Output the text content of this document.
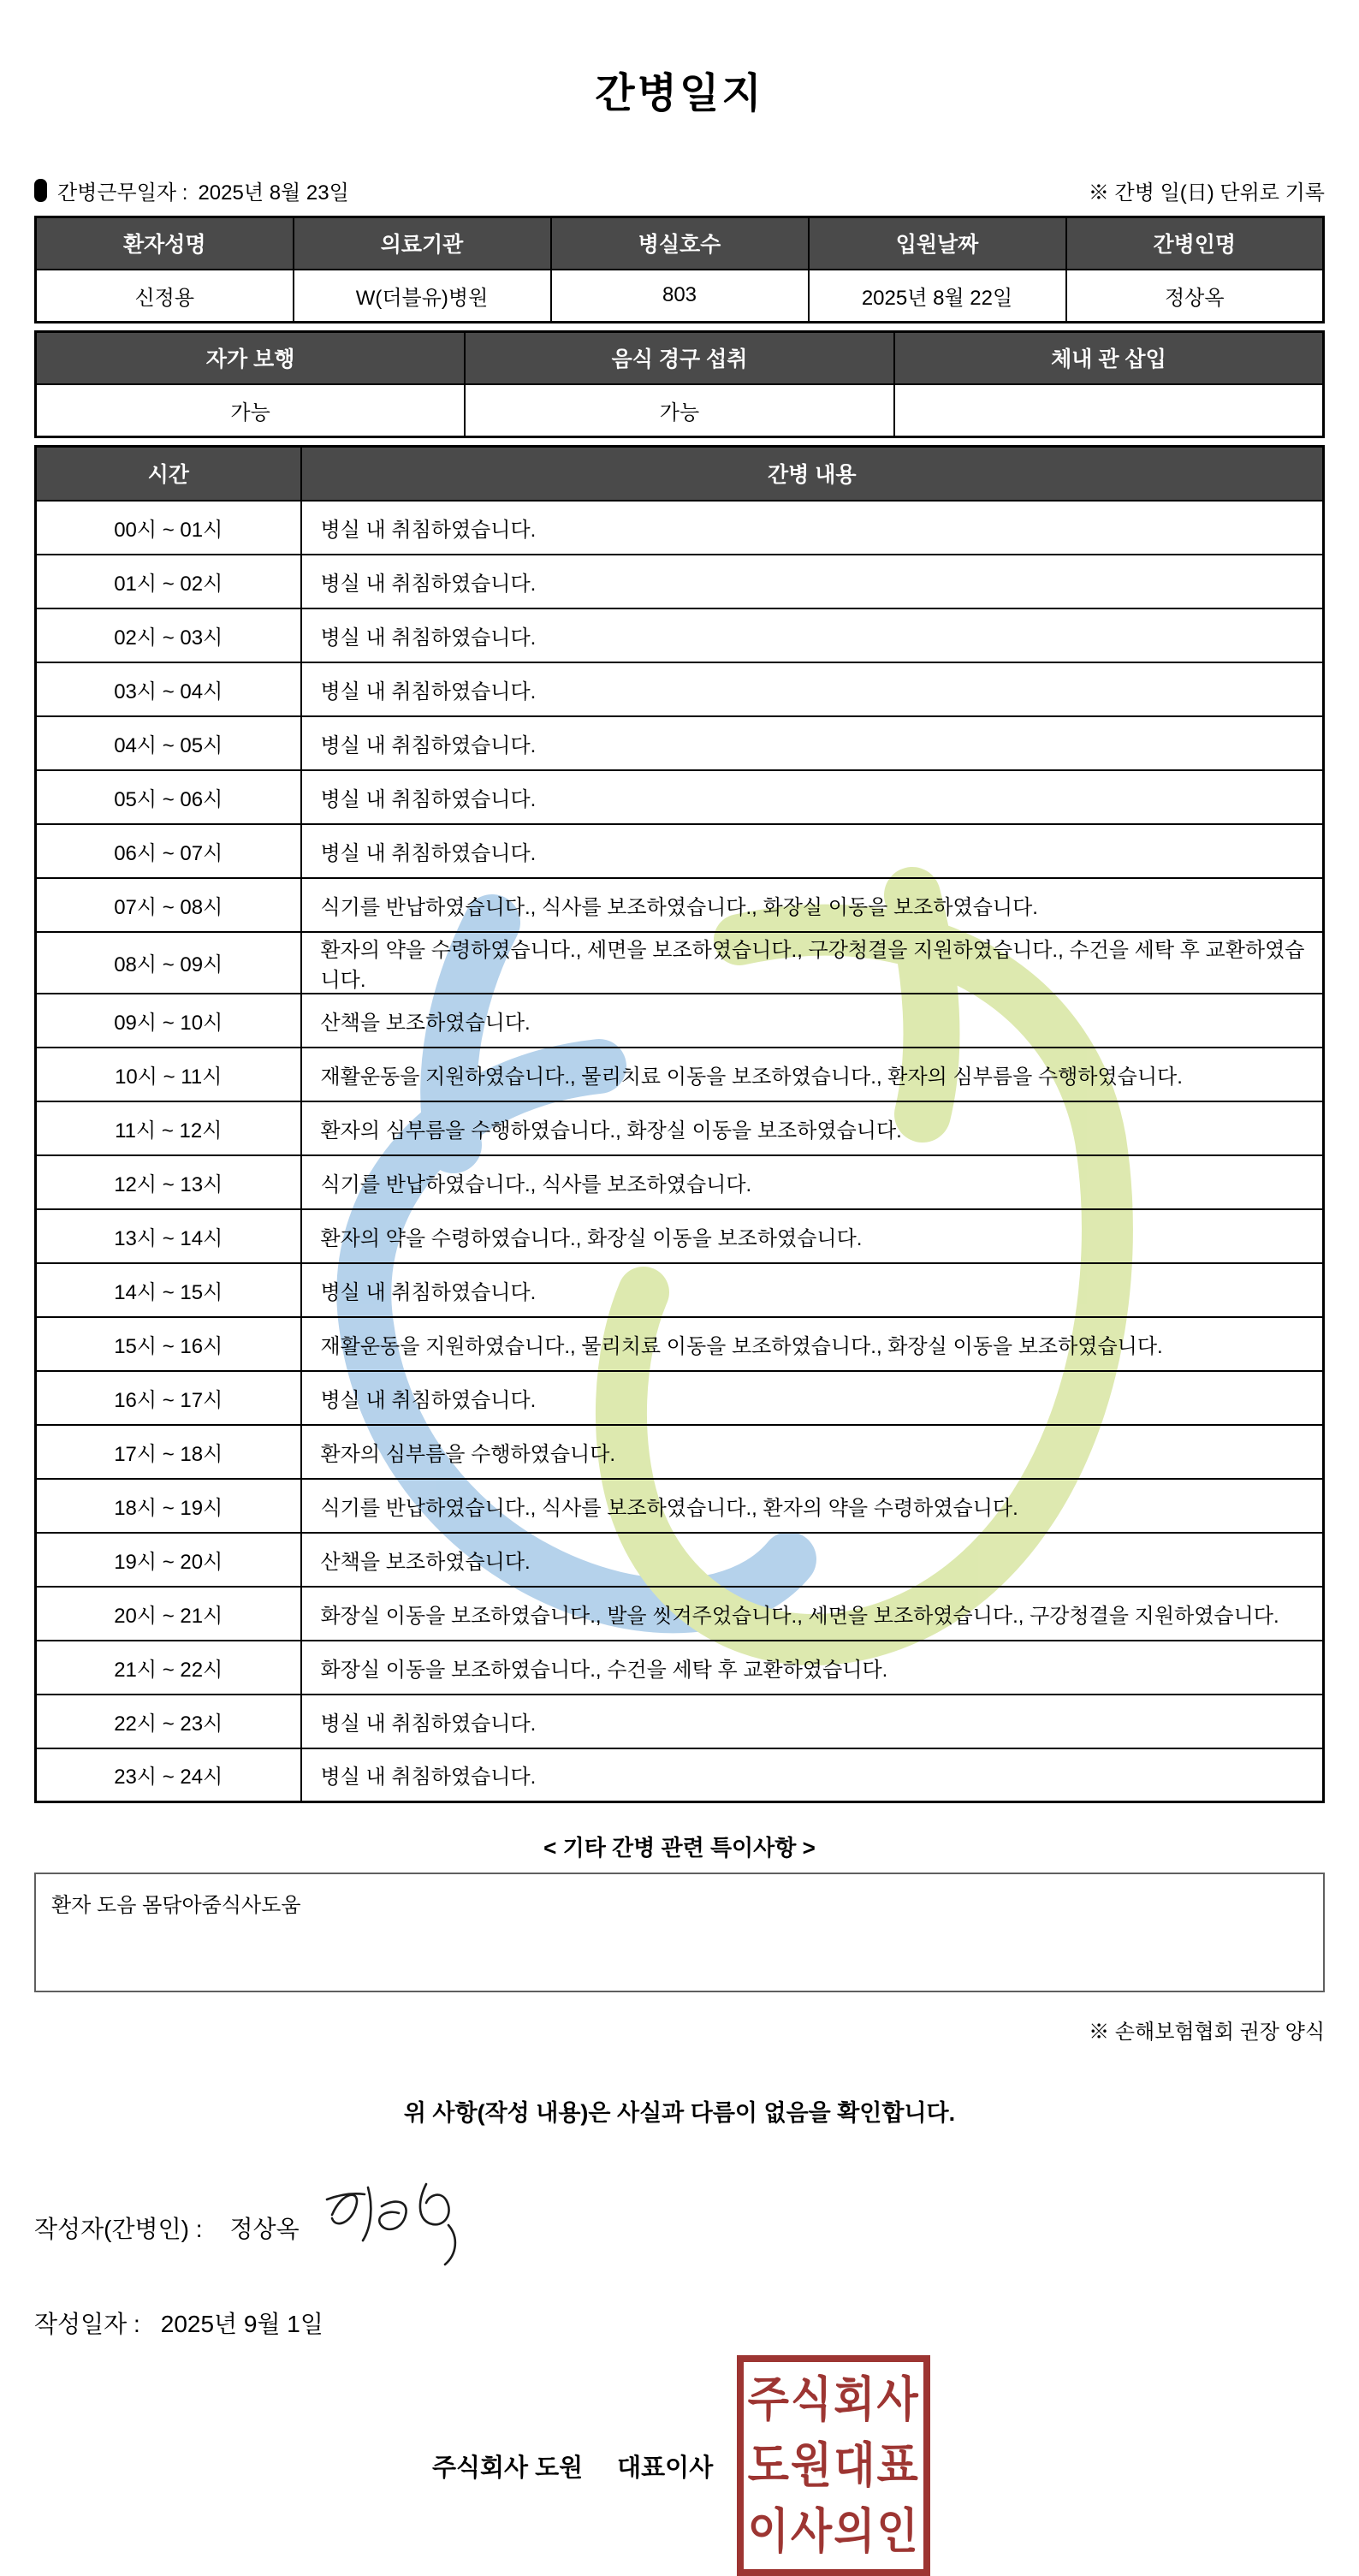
간병일지
간병근무일자 : 2025년 8월 23일	※ 간병 일(日) 단위로 기록
환자성명	의료기관	병실호수	입원날짜	간병인명
신정용	W(더블유)병원	803	2025년 8월 22일	정상옥
자가 보행	음식 경구 섭취	체내 관 삽입
가능	가능	
시간	간병 내용
00시 ~ 01시	병실 내 취침하였습니다.
01시 ~ 02시	병실 내 취침하였습니다.
02시 ~ 03시	병실 내 취침하였습니다.
03시 ~ 04시	병실 내 취침하였습니다.
04시 ~ 05시	병실 내 취침하였습니다.
05시 ~ 06시	병실 내 취침하였습니다.
06시 ~ 07시	병실 내 취침하였습니다.
07시 ~ 08시	식기를 반납하였습니다., 식사를 보조하였습니다., 화장실 이동을 보조하였습니다.
08시 ~ 09시	환자의 약을 수령하였습니다., 세면을 보조하였습니다., 구강청결을 지원하였습니다., 수건을 세탁 후 교환하였습니다.
09시 ~ 10시	산책을 보조하였습니다.
10시 ~ 11시	재활운동을 지원하였습니다., 물리치료 이동을 보조하였습니다., 환자의 심부름을 수행하였습니다.
11시 ~ 12시	환자의 심부름을 수행하였습니다., 화장실 이동을 보조하였습니다.
12시 ~ 13시	식기를 반납하였습니다., 식사를 보조하였습니다.
13시 ~ 14시	환자의 약을 수령하였습니다., 화장실 이동을 보조하였습니다.
14시 ~ 15시	병실 내 취침하였습니다.
15시 ~ 16시	재활운동을 지원하였습니다., 물리치료 이동을 보조하였습니다., 화장실 이동을 보조하였습니다.
16시 ~ 17시	병실 내 취침하였습니다.
17시 ~ 18시	환자의 심부름을 수행하였습니다.
18시 ~ 19시	식기를 반납하였습니다., 식사를 보조하였습니다., 환자의 약을 수령하였습니다.
19시 ~ 20시	산책을 보조하였습니다.
20시 ~ 21시	화장실 이동을 보조하였습니다., 발을 씻겨주었습니다., 세면을 보조하였습니다., 구강청결을 지원하였습니다.
21시 ~ 22시	화장실 이동을 보조하였습니다., 수건을 세탁 후 교환하였습니다.
22시 ~ 23시	병실 내 취침하였습니다.
23시 ~ 24시	병실 내 취침하였습니다.
< 기타 간병 관련 특이사항 >
환자 도음 몸닦아줌식사도움
※ 손해보험협회 권장 양식
위 사항(작성 내용)은 사실과 다름이 없음을 확인합니다.
작성자(간병인) : 정상옥
작성일자 : 2025년 9월 1일
주식회사 도원 대표이사
주식회사
도원대표
이사의인
